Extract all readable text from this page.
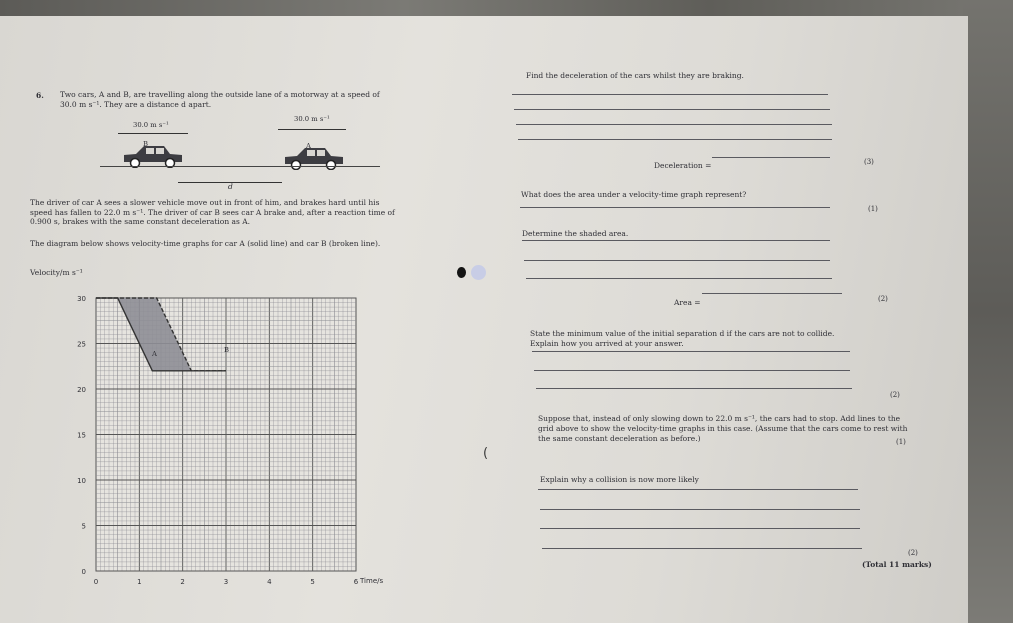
6. Two cars, A and B, are travelling along the outside lane of a motorway at a speed of
30.0 m s⁻¹. They are a distance d apart.
30.0 m s⁻¹
30.0 m s⁻¹
B	A
d
The driver of car A sees a slower vehicle move out in front of him, and brakes hard until his
speed has fallen to 22.0 m s⁻¹. The driver of car B sees car A brake and, after a reaction time of
0.900 s, brakes with the same constant deceleration as A.
The diagram below shows velocity-time graphs for car A (solid line) and car B (broken line).
Velocity/m s⁻¹
Time/s
30
25
20
15
10
5
0
0	1	2	3	4	5	6
A	B
(
Find the deceleration of the cars whilst they are braking.
Deceleration =	(3)
What does the area under a velocity-time graph represent?
(1)
Determine the shaded area.
Area =	(2)
State the minimum value of the initial separation d if the cars are not to collide.
Explain how you arrived at your answer.
(2)
Suppose that, instead of only slowing down to 22.0 m s⁻¹, the cars had to stop. Add lines to the
grid above to show the velocity-time graphs in this case. (Assume that the cars come to rest with
the same constant deceleration as before.)	(1)
Explain why a collision is now more likely
(2)
(Total 11 marks)
